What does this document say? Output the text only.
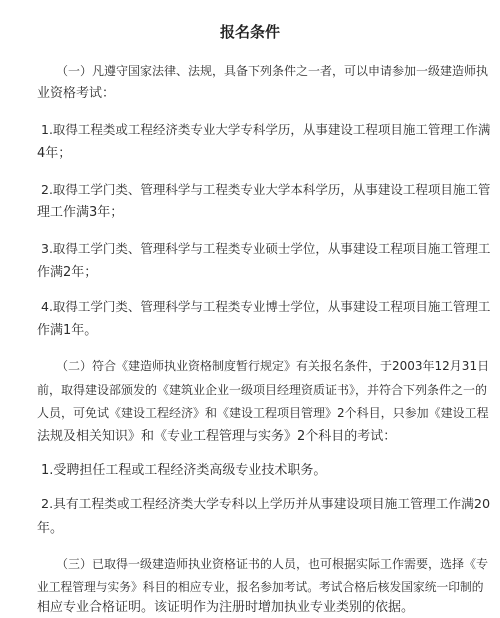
报名条件
（一）凡遵守国家法律、法规，具备下列条件之一者，可以申请参加一级建造师执
业资格考试：
1.取得工程类或工程经济类专业大学专科学历，从事建设工程项目施工管理工作满
4年；
2.取得工学门类、管理科学与工程类专业大学本科学历，从事建设工程项目施工管
理工作满3年；
3.取得工学门类、管理科学与工程类专业硕士学位，从事建设工程项目施工管理工
作满2年；
4.取得工学门类、管理科学与工程类专业博士学位，从事建设工程项目施工管理工
作满1年。
（二）符合《建造师执业资格制度暂行规定》有关报名条件，于2003年12月31日
前，取得建设部颁发的《建筑业企业一级项目经理资质证书》，并符合下列条件之一的
人员，可免试《建设工程经济》和《建设工程项目管理》2个科目，只参加《建设工程
法规及相关知识》和《专业工程管理与实务》2个科目的考试：
1.受聘担任工程或工程经济类高级专业技术职务。
2.具有工程类或工程经济类大学专科以上学历并从事建设项目施工管理工作满20
年。
（三）已取得一级建造师执业资格证书的人员，也可根据实际工作需要，选择《专
业工程管理与实务》科目的相应专业，报名参加考试。考试合格后核发国家统一印制的
相应专业合格证明。该证明作为注册时增加执业专业类别的依据。
